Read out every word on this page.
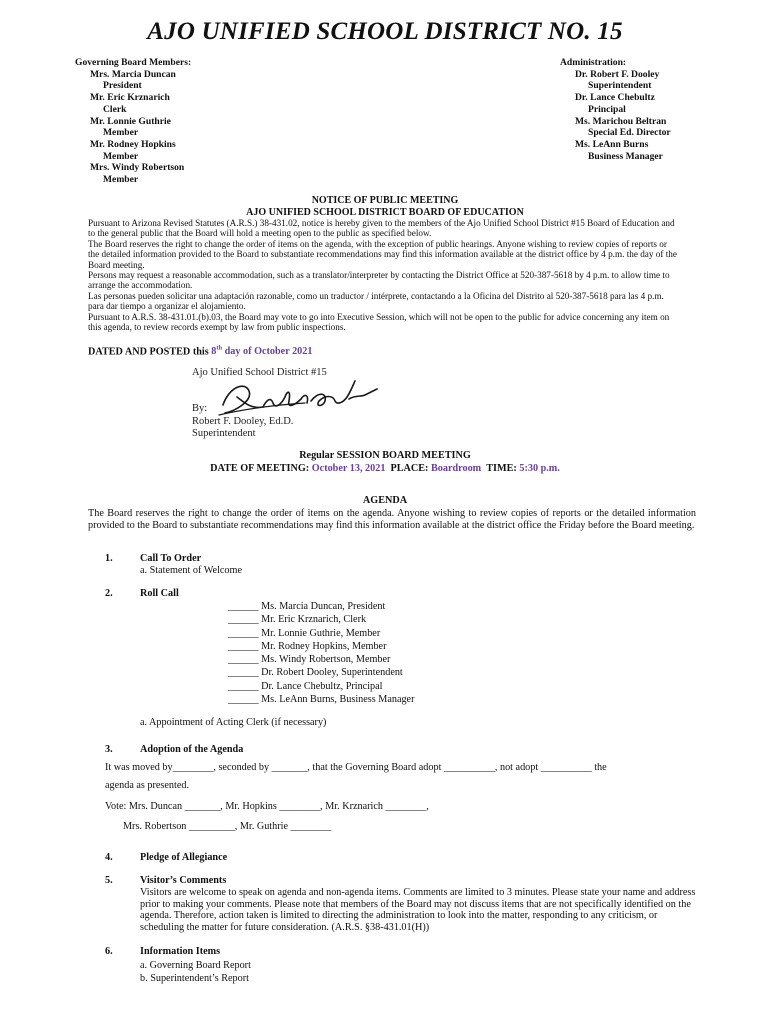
AJO UNIFIED SCHOOL DISTRICT NO. 15
Governing Board Members:
Mrs. Marcia Duncan
President
Mr. Eric Krznarich
Clerk
Mr. Lonnie Guthrie
Member
Mr. Rodney Hopkins
Member
Mrs. Windy Robertson
Member
Administration:
Dr. Robert F. Dooley
Superintendent
Dr. Lance Chebultz
Principal
Ms. Marichou Beltran
Special Ed. Director
Ms. LeAnn Burns
Business Manager
NOTICE OF PUBLIC MEETING
AJO UNIFIED SCHOOL DISTRICT BOARD OF EDUCATION

Pursuant to Arizona Revised Statutes (A.R.S.) 38-431.02, notice is hereby given to the members of the Ajo Unified School District #15 Board of Education and to the general public that the Board will hold a meeting open to the public as specified below.

The Board reserves the right to change the order of items on the agenda, with the exception of public hearings. Anyone wishing to review copies of reports or the detailed information provided to the Board to substantiate recommendations may find this information available at the district office by 4 p.m. the day of the Board meeting.

Persons may request a reasonable accommodation, such as a translator/interpreter by contacting the District Office at 520-387-5618 by 4 p.m. to allow time to arrange the accommodation.

Las personas pueden solicitar una adaptación razonable, como un traductor / intérprete, contactando a la Oficina del Distrito al 520-387-5618 para las 4 p.m. para dar tiempo a organizar el alojamiento.

Pursuant to A.R.S. 38-431.01.(b).03, the Board may vote to go into Executive Session, which will not be open to the public for advice concerning any item on this agenda, to review records exempt by law from public inspections.

DATED AND POSTED this 8th day of October 2021
Ajo Unified School District #15
By:
Robert F. Dooley, Ed.D.
Superintendent
Regular SESSION BOARD MEETING
DATE OF MEETING: October 13, 2021 PLACE: Boardroom TIME: 5:30 p.m.
AGENDA
The Board reserves the right to change the order of items on the agenda. Anyone wishing to review copies of reports or the detailed information provided to the Board to substantiate recommendations may find this information available at the district office the Friday before the Board meeting.
1.	Call To Order
a. Statement of Welcome
2.	Roll Call
______ Ms. Marcia Duncan, President
______ Mr. Eric Krznarich, Clerk
______ Mr. Lonnie Guthrie, Member
______ Mr. Rodney Hopkins, Member
______ Ms. Windy Robertson, Member
______ Dr. Robert Dooley, Superintendent
______ Dr. Lance Chebultz, Principal
______ Ms. LeAnn Burns, Business Manager
a. Appointment of Acting Clerk (if necessary)
3.	Adoption of the Agenda
It was moved by________, seconded by _______, that the Governing Board adopt __________, not adopt __________ the
agenda as presented.
Vote: Mrs. Duncan _______, Mr. Hopkins ________, Mr. Krznarich ________,
Mrs. Robertson _________, Mr. Guthrie ________
4.	Pledge of Allegiance
5.	Visitor’s Comments
Visitors are welcome to speak on agenda and non-agenda items. Comments are limited to 3 minutes. Please state your name and address prior to making your comments. Please note that members of the Board may not discuss items that are not specifically identified on the agenda. Therefore, action taken is limited to directing the administration to look into the matter, responding to any criticism, or scheduling the matter for future consideration. (A.R.S. §38-431.01(H))
6.	Information Items
a. Governing Board Report
b. Superintendent’s Report
